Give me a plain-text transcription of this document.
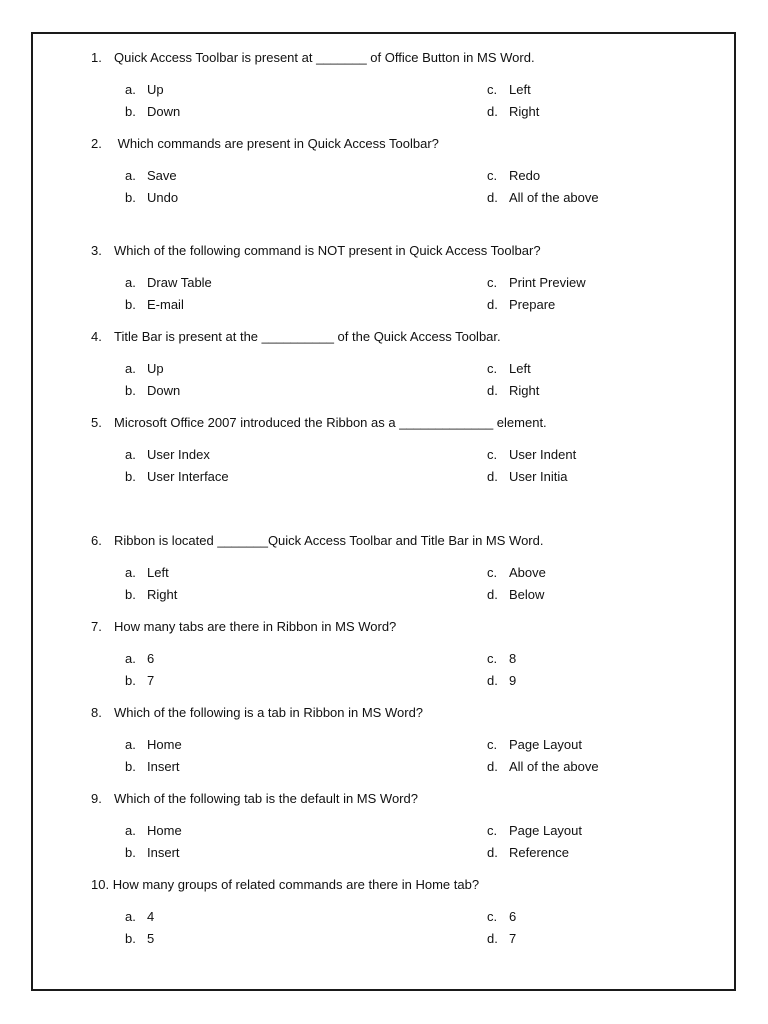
1. Quick Access Toolbar is present at _______ of Office Button in MS Word.
a. Up
b. Down
c. Left
d. Right
2. Which commands are present in Quick Access Toolbar?
a. Save
b. Undo
c. Redo
d. All of the above
3. Which of the following command is NOT present in Quick Access Toolbar?
a. Draw Table
b. E-mail
c. Print Preview
d. Prepare
4. Title Bar is present at the __________ of the Quick Access Toolbar.
a. Up
b. Down
c. Left
d. Right
5. Microsoft Office 2007 introduced the Ribbon as a _____________ element.
a. User Index
b. User Interface
c. User Indent
d. User Initia
6. Ribbon is located _______Quick Access Toolbar and Title Bar in MS Word.
a. Left
b. Right
c. Above
d. Below
7. How many tabs are there in Ribbon in MS Word?
a. 6
b. 7
c. 8
d. 9
8. Which of the following is a tab in Ribbon in MS Word?
a. Home
b. Insert
c. Page Layout
d. All of the above
9. Which of the following tab is the default in MS Word?
a. Home
b. Insert
c. Page Layout
d. Reference
10. How many groups of related commands are there in Home tab?
a. 4
b. 5
c. 6
d. 7
